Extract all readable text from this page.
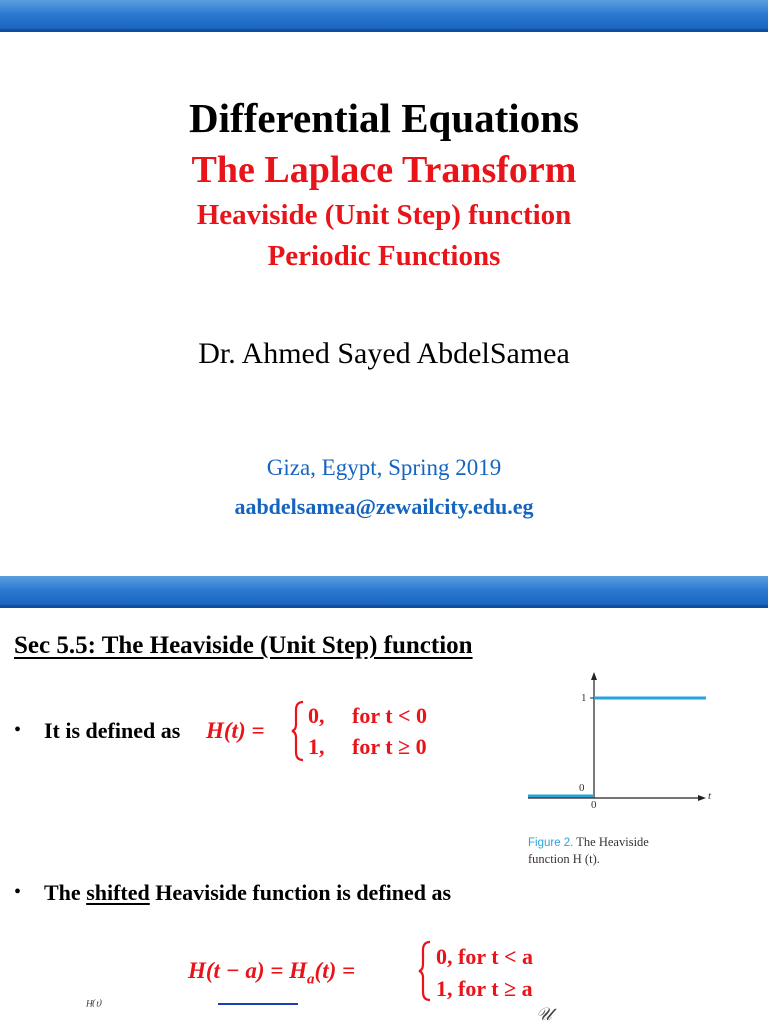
Differential Equations
The Laplace Transform
Heaviside (Unit Step) function
Periodic Functions
Dr. Ahmed Sayed AbdelSamea
Giza, Egypt, Spring 2019
aabdelsamea@zewailcity.edu.eg
Sec 5.5: The Heaviside (Unit Step) function
• It is defined as H(t) =
0, for t < 0
1, for t ≥ 0
1
0
0
t
Figure 2. The Heaviside
function H (t).
• The shifted Heaviside function is defined as
$H(t - a) = H_a(t)$ =
0, for t < a
1, for t ≥ a
ᴴ⁽ᵗ⁾	𝒰
